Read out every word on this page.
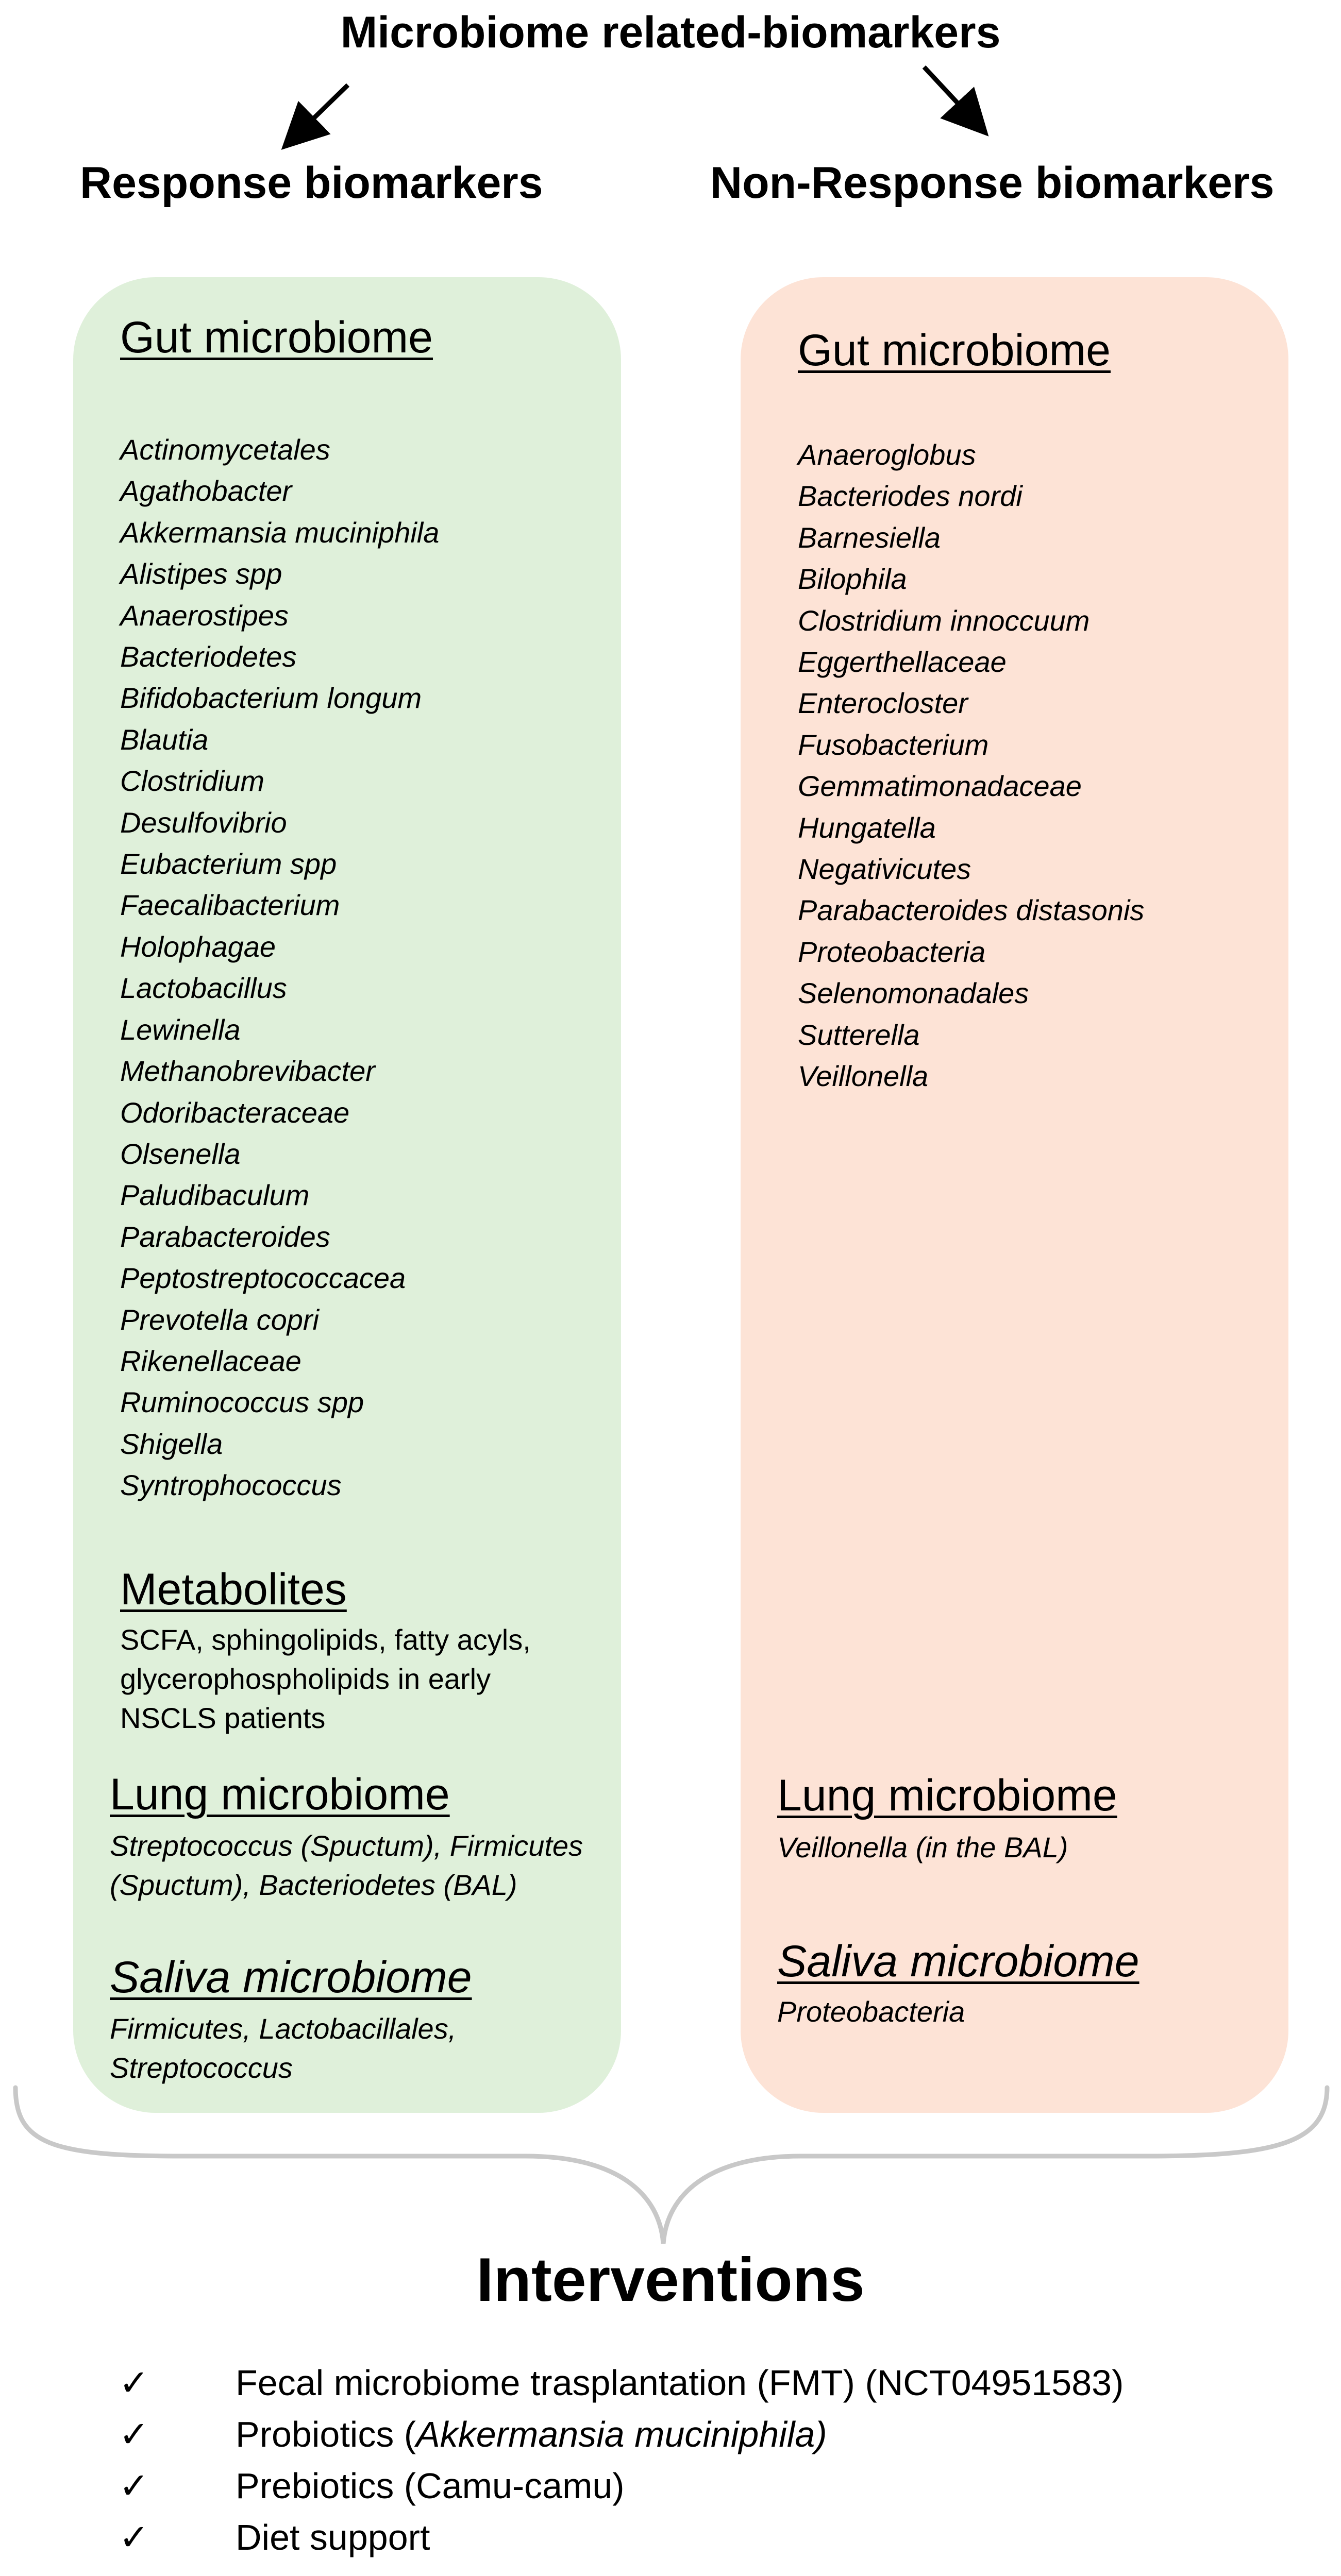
Microbiome related-biomarkers
Response biomarkers	Non-Response biomarkers
Gut microbiome
Actinomycetales
Agathobacter
Akkermansia muciniphila
Alistipes spp
Anaerostipes
Bacteriodetes
Bifidobacterium longum
Blautia
Clostridium
Desulfovibrio
Eubacterium spp
Faecalibacterium
Holophagae
Lactobacillus
Lewinella
Methanobrevibacter
Odoribacteraceae
Olsenella
Paludibaculum
Parabacteroides
Peptostreptococcacea
Prevotella copri
Rikenellaceae
Ruminococcus spp
Shigella
Syntrophococcus
Metabolites
SCFA, sphingolipids, fatty acyls,
glycerophospholipids in early
NSCLS patients
Lung microbiome
Streptococcus (Spuctum), Firmicutes
(Spuctum), Bacteriodetes (BAL)
Saliva microbiome
Firmicutes, Lactobacillales,
Streptococcus
Gut microbiome
Anaeroglobus
Bacteriodes nordi
Barnesiella
Bilophila
Clostridium innoccuum
Eggerthellaceae
Enterocloster
Fusobacterium
Gemmatimonadaceae
Hungatella
Negativicutes
Parabacteroides distasonis
Proteobacteria
Selenomonadales
Sutterella
Veillonella
Lung microbiome
Veillonella (in the BAL)
Saliva microbiome
Proteobacteria
Interventions
✓ Fecal microbiome trasplantation (FMT) (NCT04951583)
✓ Probiotics (Akkermansia muciniphila)
✓ Prebiotics (Camu-camu)
✓ Diet support
